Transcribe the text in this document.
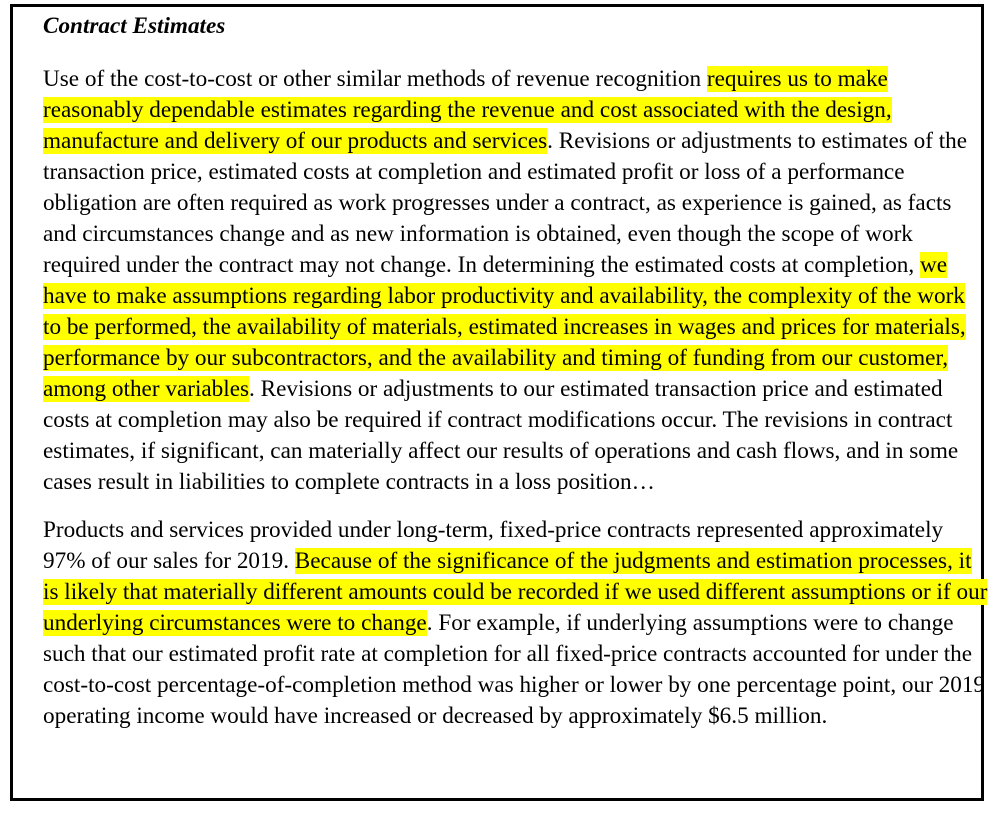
Contract Estimates

Use of the cost-to-cost or other similar methods of revenue recognition requires us to make reasonably dependable estimates regarding the revenue and cost associated with the design, manufacture and delivery of our products and services. Revisions or adjustments to estimates of the transaction price, estimated costs at completion and estimated profit or loss of a performance obligation are often required as work progresses under a contract, as experience is gained, as facts and circumstances change and as new information is obtained, even though the scope of work required under the contract may not change. In determining the estimated costs at completion, we have to make assumptions regarding labor productivity and availability, the complexity of the work to be performed, the availability of materials, estimated increases in wages and prices for materials, performance by our subcontractors, and the availability and timing of funding from our customer, among other variables. Revisions or adjustments to our estimated transaction price and estimated costs at completion may also be required if contract modifications occur. The revisions in contract estimates, if significant, can materially affect our results of operations and cash flows, and in some cases result in liabilities to complete contracts in a loss position…

Products and services provided under long-term, fixed-price contracts represented approximately 97% of our sales for 2019. Because of the significance of the judgments and estimation processes, it is likely that materially different amounts could be recorded if we used different assumptions or if our underlying circumstances were to change. For example, if underlying assumptions were to change such that our estimated profit rate at completion for all fixed-price contracts accounted for under the cost-to-cost percentage-of-completion method was higher or lower by one percentage point, our 2019 operating income would have increased or decreased by approximately $6.5 million.
